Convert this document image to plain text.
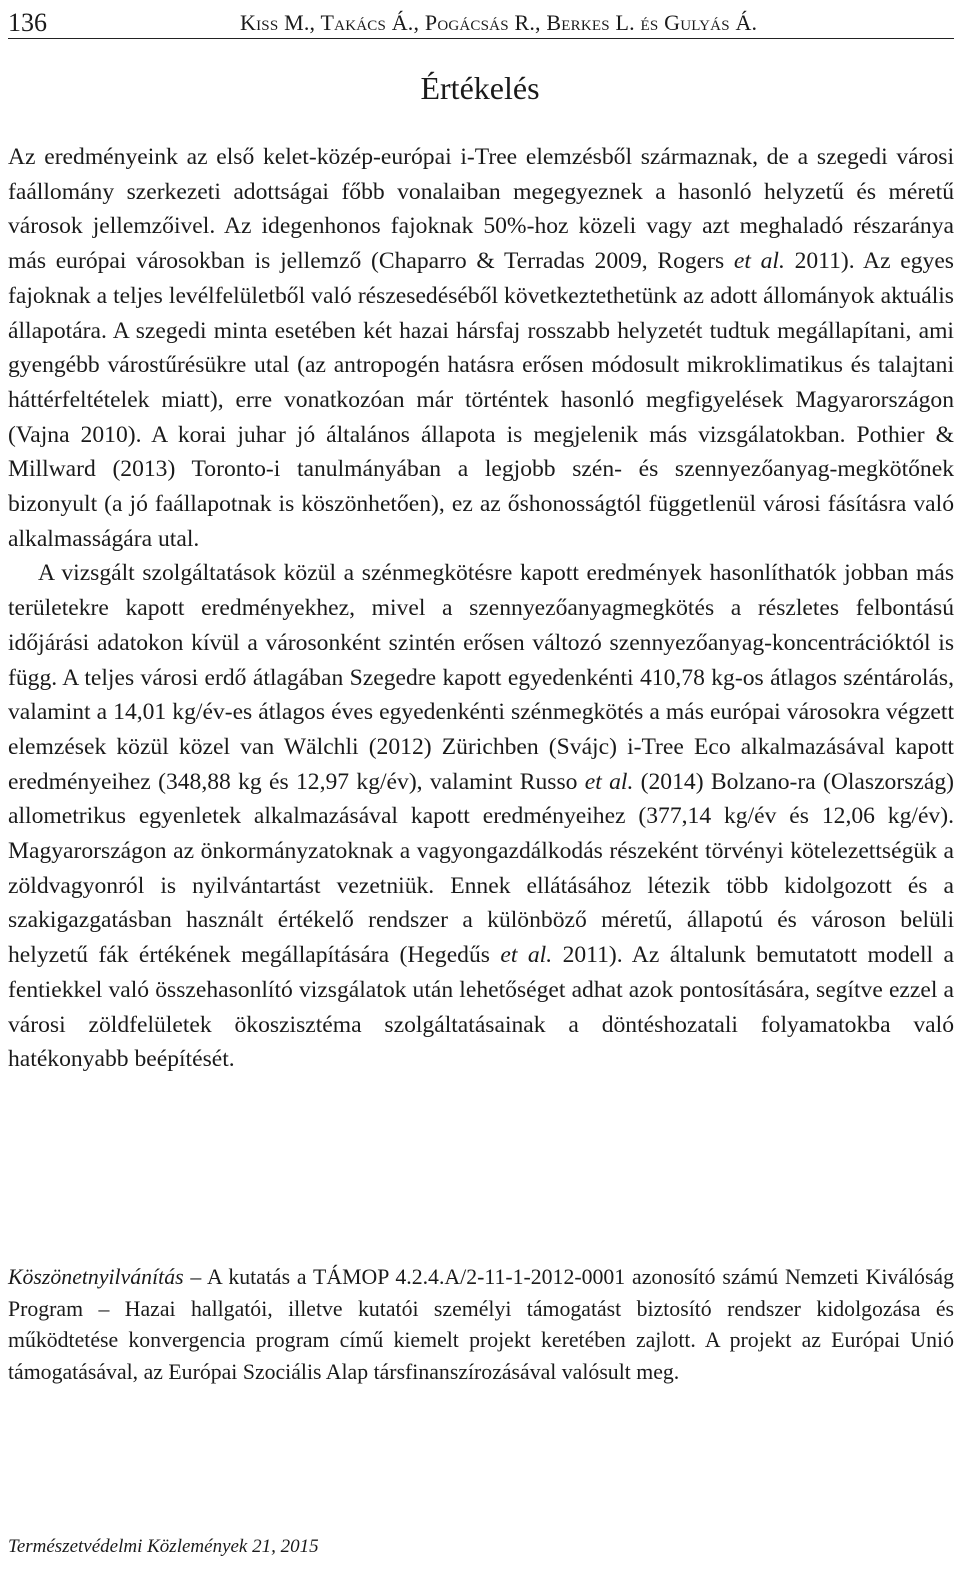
136	Kiss M., Takács Á., Pogácsás R., Berkes L. és Gulyás Á.
Értékelés

Az eredményeink az első kelet-közép-európai i-Tree elemzésből származnak, de a szegedi városi faállomány szerkezeti adottságai főbb vonalaiban megegyeznek a hasonló helyzetű és méretű városok jellemzőivel. Az idegenhonos fajoknak 50%-hoz közeli vagy azt meghaladó részaránya más európai városokban is jellemző (Chaparro & Terradas 2009, Rogers et al. 2011). Az egyes fajoknak a teljes levélfelületből való részesedéséből következtethetünk az adott állományok aktuális állapotára. A szegedi minta esetében két hazai hársfaj rosszabb helyzetét tudtuk megállapítani, ami gyengébb várostűrésükre utal (az antropogén hatásra erősen módosult mikroklimatikus és talajtani háttérfeltételek miatt), erre vonatkozóan már történtek hasonló megfigyelések Magyarországon (Vajna 2010). A korai juhar jó általános állapota is megjelenik más vizsgálatokban. Pothier & Millward (2013) Toronto-i tanulmányában a legjobb szén- és szennyezőanyag-megkötőnek bizonyult (a jó faállapotnak is köszönhetően), ez az őshonosságtól függetlenül városi fásításra való alkalmasságára utal.

A vizsgált szolgáltatások közül a szénmegkötésre kapott eredmények hasonlíthatók jobban más területekre kapott eredményekhez, mivel a szennyezőanyagmegkötés a részletes felbontású időjárási adatokon kívül a városonként szintén erősen változó szennyezőanyag-koncentrációktól is függ. A teljes városi erdő átlagában Szegedre kapott egyedenkénti 410,78 kg-os átlagos széntárolás, valamint a 14,01 kg/év-es átlagos éves egyedenkénti szénmegkötés a más európai városokra végzett elemzések közül közel van Wälchli (2012) Zürichben (Svájc) i-Tree Eco alkalmazásával kapott eredményeihez (348,88 kg és 12,97 kg/év), valamint Russo et al. (2014) Bolzano-ra (Olaszország) allometrikus egyenletek alkalmazásával kapott eredményeihez (377,14 kg/év és 12,06 kg/év). Magyarországon az önkormányzatoknak a vagyongazdálkodás részeként törvényi kötelezettségük a zöldvagyonról is nyilvántartást vezetniük. Ennek ellátásához létezik több kidolgozott és a szakigazgatásban használt értékelő rendszer a különböző méretű, állapotú és városon belüli helyzetű fák értékének megállapítására (Hegedűs et al. 2011). Az általunk bemutatott modell a fentiekkel való összehasonlító vizsgálatok után lehetőséget adhat azok pontosítására, segítve ezzel a városi zöldfelületek ökoszisztéma szolgáltatásainak a döntéshozatali folyamatokba való hatékonyabb beépítését.

Köszönetnyilvánítás – A kutatás a TÁMOP 4.2.4.A/2-11-1-2012-0001 azonosító számú Nemzeti Kiválóság Program – Hazai hallgatói, illetve kutatói személyi támogatást biztosító rendszer kidolgozása és működtetése konvergencia program című kiemelt projekt keretében zajlott. A projekt az Európai Unió támogatásával, az Európai Szociális Alap társfinanszírozásával valósult meg.

Természetvédelmi Közlemények 21, 2015
